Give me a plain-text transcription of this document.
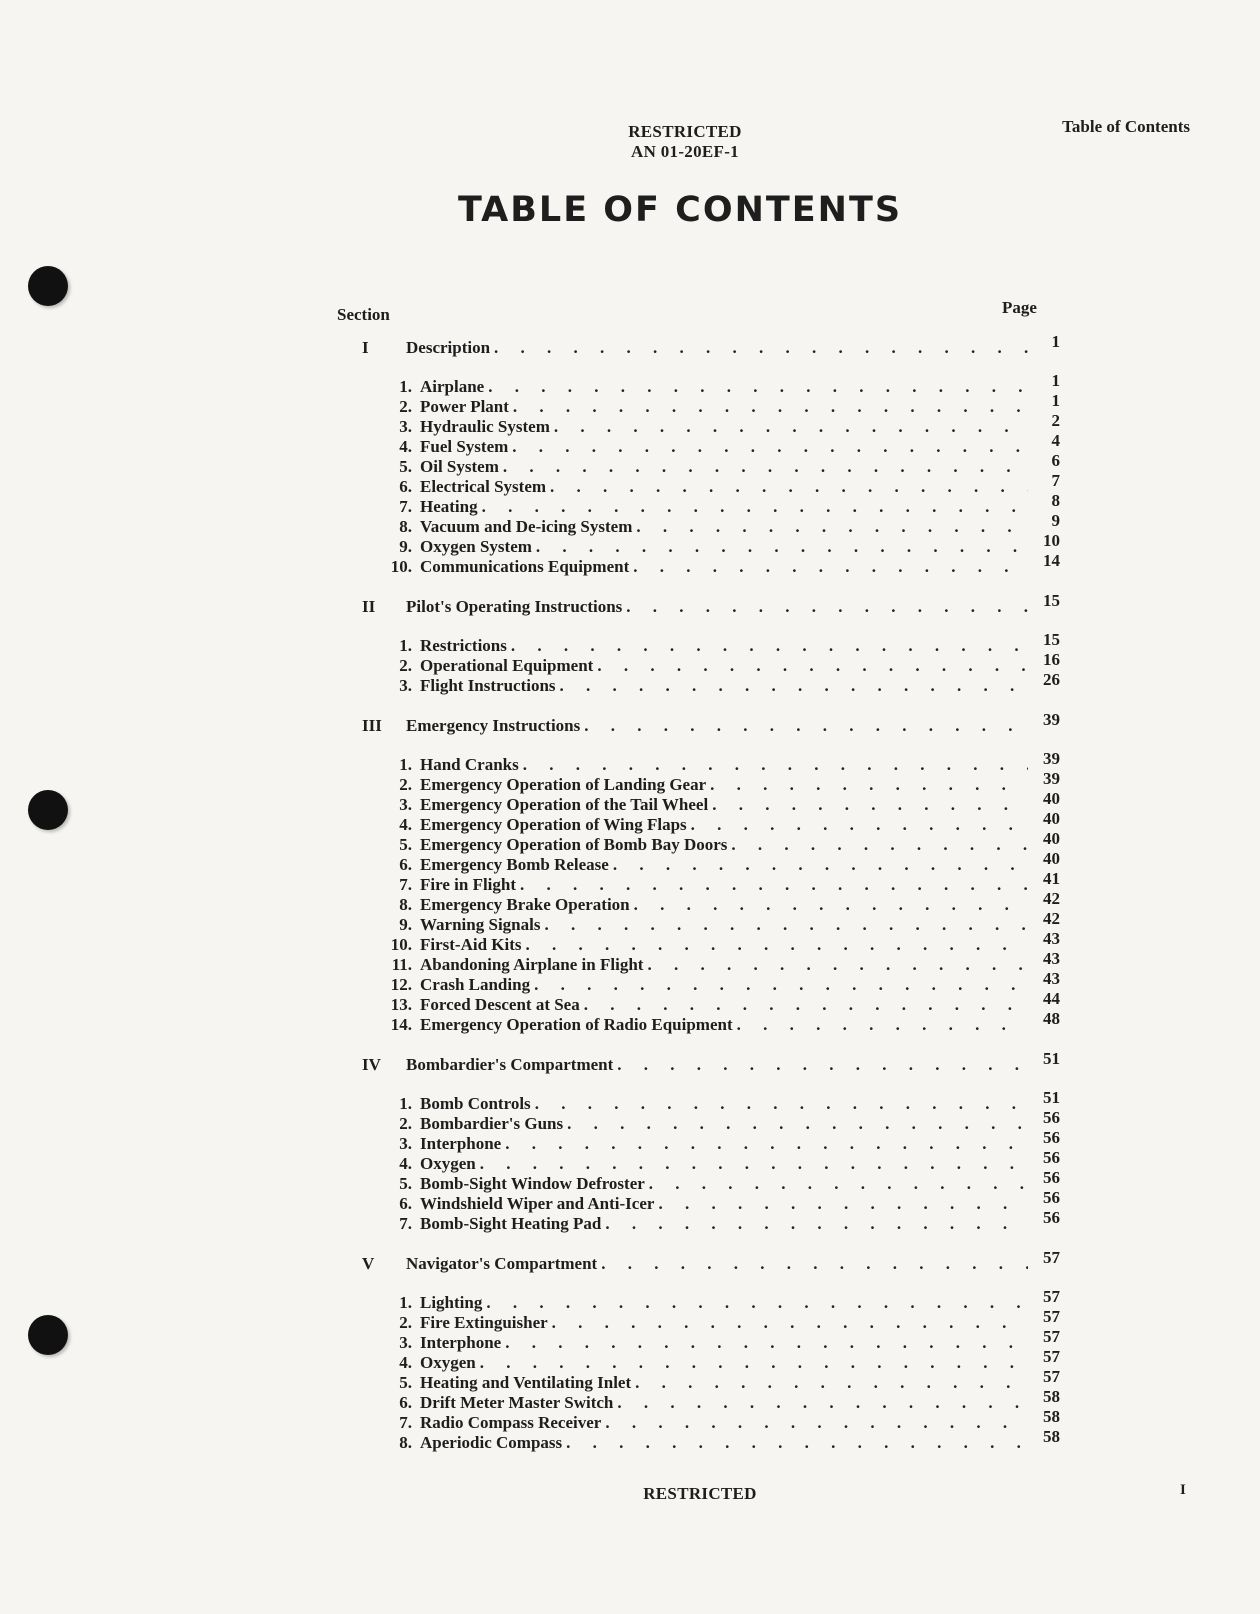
RESTRICTED
AN 01-20EF-1
Table of Contents
TABLE OF CONTENTS
Section	Page
I	Description . . .	1
1. Airplane . . .	1
2. Power Plant . . .	1
3. Hydraulic System . . .	2
4. Fuel System . . .	4
5. Oil System . . .	6
6. Electrical System . . .	7
7. Heating . . .	8
8. Vacuum and De-icing System . . .	9
9. Oxygen System . . .	10
10. Communications Equipment . . .	14
II	Pilot's Operating Instructions . . .	15
1. Restrictions . . .	15
2. Operational Equipment . . .	16
3. Flight Instructions . . .	26
III	Emergency Instructions . . .	39
1. Hand Cranks . . .	39
2. Emergency Operation of Landing Gear . . .	39
3. Emergency Operation of the Tail Wheel . . .	40
4. Emergency Operation of Wing Flaps . . .	40
5. Emergency Operation of Bomb Bay Doors . . .	40
6. Emergency Bomb Release . . .	40
7. Fire in Flight . . .	41
8. Emergency Brake Operation . . .	42
9. Warning Signals . . .	42
10. First-Aid Kits . . .	43
11. Abandoning Airplane in Flight . . .	43
12. Crash Landing . . .	43
13. Forced Descent at Sea . . .	44
14. Emergency Operation of Radio Equipment . . .	48
IV	Bombardier's Compartment . . .	51
1. Bomb Controls . . .	51
2. Bombardier's Guns . . .	56
3. Interphone . . .	56
4. Oxygen . . .	56
5. Bomb-Sight Window Defroster . . .	56
6. Windshield Wiper and Anti-Icer . . .	56
7. Bomb-Sight Heating Pad . . .	56
V	Navigator's Compartment . . .	57
1. Lighting . . .	57
2. Fire Extinguisher . . .	57
3. Interphone . . .	57
4. Oxygen . . .	57
5. Heating and Ventilating Inlet . . .	57
6. Drift Meter Master Switch . . .	58
7. Radio Compass Receiver . . .	58
8. Aperiodic Compass . . .	58
RESTRICTED	I
